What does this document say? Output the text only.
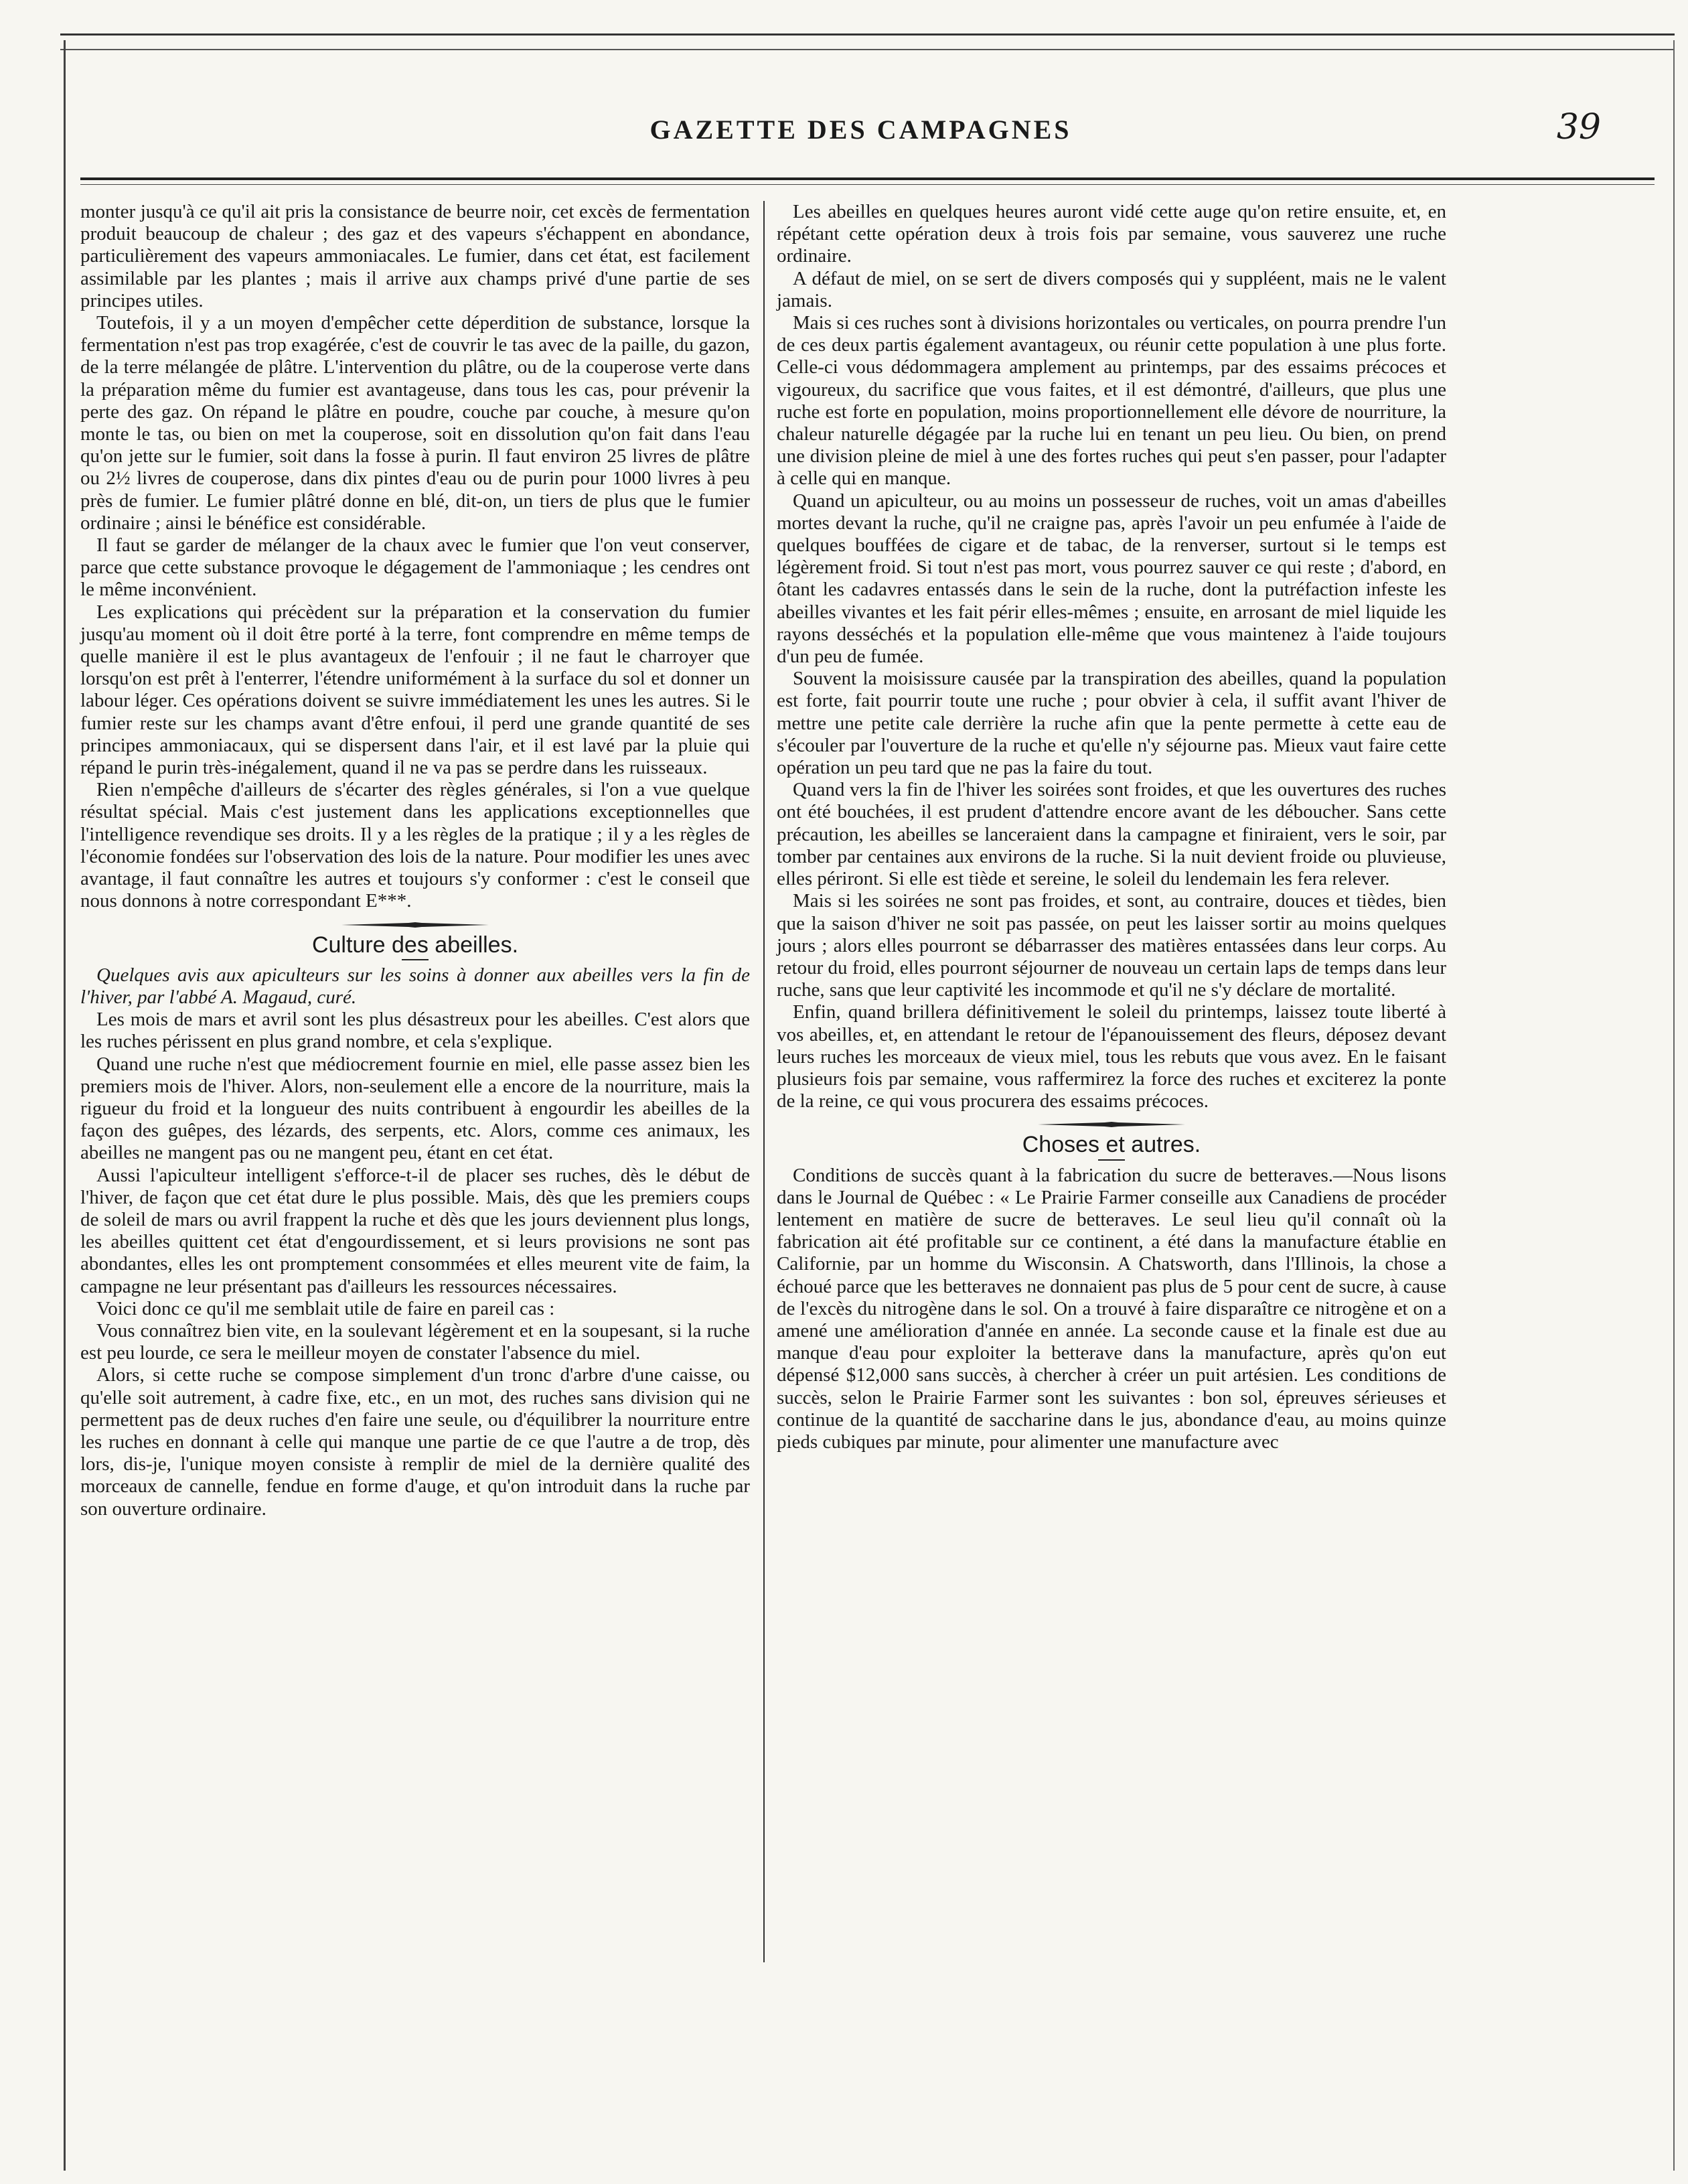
GAZETTE DES CAMPAGNES	39

monter jusqu'à ce qu'il ait pris la consistance de beurre noir, cet excès de fermentation produit beaucoup de chaleur ; des gaz et des vapeurs s'échappent en abondance, particulièrement des vapeurs ammoniacales. Le fumier, dans cet état, est facilement assimilable par les plantes ; mais il arrive aux champs privé d'une partie de ses principes utiles.

Toutefois, il y a un moyen d'empêcher cette déperdition de substance, lorsque la fermentation n'est pas trop exagérée, c'est de couvrir le tas avec de la paille, du gazon, de la terre mélangée de plâtre. L'intervention du plâtre, ou de la couperose verte dans la préparation même du fumier est avantageuse, dans tous les cas, pour prévenir la perte des gaz. On répand le plâtre en poudre, couche par couche, à mesure qu'on monte le tas, ou bien on met la couperose, soit en dissolution qu'on fait dans l'eau qu'on jette sur le fumier, soit dans la fosse à purin. Il faut environ 25 livres de plâtre ou 2½ livres de couperose, dans dix pintes d'eau ou de purin pour 1000 livres à peu près de fumier. Le fumier plâtré donne en blé, dit-on, un tiers de plus que le fumier ordinaire ; ainsi le bénéfice est considérable.

Il faut se garder de mélanger de la chaux avec le fumier que l'on veut conserver, parce que cette substance provoque le dégagement de l'ammoniaque ; les cendres ont le même inconvénient.

Les explications qui précèdent sur la préparation et la conservation du fumier jusqu'au moment où il doit être porté à la terre, font comprendre en même temps de quelle manière il est le plus avantageux de l'enfouir ; il ne faut le charroyer que lorsqu'on est prêt à l'enterrer, l'étendre uniformément à la surface du sol et donner un labour léger. Ces opérations doivent se suivre immédiatement les unes les autres. Si le fumier reste sur les champs avant d'être enfoui, il perd une grande quantité de ses principes ammoniacaux, qui se dispersent dans l'air, et il est lavé par la pluie qui répand le purin très-inégalement, quand il ne va pas se perdre dans les ruisseaux.

Rien n'empêche d'ailleurs de s'écarter des règles générales, si l'on a vue quelque résultat spécial. Mais c'est justement dans les applications exceptionnelles que l'intelligence revendique ses droits. Il y a les règles de la pratique ; il y a les règles de l'économie fondées sur l'observation des lois de la nature. Pour modifier les unes avec avantage, il faut connaître les autres et toujours s'y conformer : c'est le conseil que nous donnons à notre correspondant E***.

Culture des abeilles.

Quelques avis aux apiculteurs sur les soins à donner aux abeilles vers la fin de l'hiver, par l'abbé A. Magaud, curé.

Les mois de mars et avril sont les plus désastreux pour les abeilles. C'est alors que les ruches périssent en plus grand nombre, et cela s'explique.

Quand une ruche n'est que médiocrement fournie en miel, elle passe assez bien les premiers mois de l'hiver. Alors, non-seulement elle a encore de la nourriture, mais la rigueur du froid et la longueur des nuits contribuent à engourdir les abeilles de la façon des guêpes, des lézards, des serpents, etc. Alors, comme ces animaux, les abeilles ne mangent pas ou ne mangent peu, étant en cet état.

Aussi l'apiculteur intelligent s'efforce-t-il de placer ses ruches, dès le début de l'hiver, de façon que cet état dure le plus possible. Mais, dès que les premiers coups de soleil de mars ou avril frappent la ruche et dès que les jours deviennent plus longs, les abeilles quittent cet état d'engourdissement, et si leurs provisions ne sont pas abondantes, elles les ont promptement consommées et elles meurent vite de faim, la campagne ne leur présentant pas d'ailleurs les ressources nécessaires.

Voici donc ce qu'il me semblait utile de faire en pareil cas :

Vous connaîtrez bien vite, en la soulevant légèrement et en la soupesant, si la ruche est peu lourde, ce sera le meilleur moyen de constater l'absence du miel.

Alors, si cette ruche se compose simplement d'un tronc d'arbre d'une caisse, ou qu'elle soit autrement, à cadre fixe, etc., en un mot, des ruches sans division qui ne permettent pas de deux ruches d'en faire une seule, ou d'équilibrer la nourriture entre les ruches en donnant à celle qui manque une partie de ce que l'autre a de trop, dès lors, dis-je, l'unique moyen consiste à remplir de miel de la dernière qualité des morceaux de cannelle, fendue en forme d'auge, et qu'on introduit dans la ruche par son ouverture ordinaire.

Les abeilles en quelques heures auront vidé cette auge qu'on retire ensuite, et, en répétant cette opération deux à trois fois par semaine, vous sauverez une ruche ordinaire.

A défaut de miel, on se sert de divers composés qui y suppléent, mais ne le valent jamais.

Mais si ces ruches sont à divisions horizontales ou verticales, on pourra prendre l'un de ces deux partis également avantageux, ou réunir cette population à une plus forte. Celle-ci vous dédommagera amplement au printemps, par des essaims précoces et vigoureux, du sacrifice que vous faites, et il est démontré, d'ailleurs, que plus une ruche est forte en population, moins proportionnellement elle dévore de nourriture, la chaleur naturelle dégagée par la ruche lui en tenant un peu lieu. Ou bien, on prend une division pleine de miel à une des fortes ruches qui peut s'en passer, pour l'adapter à celle qui en manque.

Quand un apiculteur, ou au moins un possesseur de ruches, voit un amas d'abeilles mortes devant la ruche, qu'il ne craigne pas, après l'avoir un peu enfumée à l'aide de quelques bouffées de cigare et de tabac, de la renverser, surtout si le temps est légèrement froid. Si tout n'est pas mort, vous pourrez sauver ce qui reste ; d'abord, en ôtant les cadavres entassés dans le sein de la ruche, dont la putréfaction infeste les abeilles vivantes et les fait périr elles-mêmes ; ensuite, en arrosant de miel liquide les rayons desséchés et la population elle-même que vous maintenez à l'aide toujours d'un peu de fumée.

Souvent la moisissure causée par la transpiration des abeilles, quand la population est forte, fait pourrir toute une ruche ; pour obvier à cela, il suffit avant l'hiver de mettre une petite cale derrière la ruche afin que la pente permette à cette eau de s'écouler par l'ouverture de la ruche et qu'elle n'y séjourne pas. Mieux vaut faire cette opération un peu tard que ne pas la faire du tout.

Quand vers la fin de l'hiver les soirées sont froides, et que les ouvertures des ruches ont été bouchées, il est prudent d'attendre encore avant de les déboucher. Sans cette précaution, les abeilles se lanceraient dans la campagne et finiraient, vers le soir, par tomber par centaines aux environs de la ruche. Si la nuit devient froide ou pluvieuse, elles périront. Si elle est tiède et sereine, le soleil du lendemain les fera relever.

Mais si les soirées ne sont pas froides, et sont, au contraire, douces et tièdes, bien que la saison d'hiver ne soit pas passée, on peut les laisser sortir au moins quelques jours ; alors elles pourront se débarrasser des matières entassées dans leur corps. Au retour du froid, elles pourront séjourner de nouveau un certain laps de temps dans leur ruche, sans que leur captivité les incommode et qu'il ne s'y déclare de mortalité.

Enfin, quand brillera définitivement le soleil du printemps, laissez toute liberté à vos abeilles, et, en attendant le retour de l'épanouissement des fleurs, déposez devant leurs ruches les morceaux de vieux miel, tous les rebuts que vous avez. En le faisant plusieurs fois par semaine, vous raffermirez la force des ruches et exciterez la ponte de la reine, ce qui vous procurera des essaims précoces.

Choses et autres.

Conditions de succès quant à la fabrication du sucre de betteraves.—Nous lisons dans le Journal de Québec : « Le Prairie Farmer conseille aux Canadiens de procéder lentement en matière de sucre de betteraves. Le seul lieu qu'il connaît où la fabrication ait été profitable sur ce continent, a été dans la manufacture établie en Californie, par un homme du Wisconsin. A Chatsworth, dans l'Illinois, la chose a échoué parce que les betteraves ne donnaient pas plus de 5 pour cent de sucre, à cause de l'excès du nitrogène dans le sol. On a trouvé à faire disparaître ce nitrogène et on a amené une amélioration d'année en année. La seconde cause et la finale est due au manque d'eau pour exploiter la betterave dans la manufacture, après qu'on eut dépensé $12,000 sans succès, à chercher à créer un puit artésien. Les conditions de succès, selon le Prairie Farmer sont les suivantes : bon sol, épreuves sérieuses et continue de la quantité de saccharine dans le jus, abondance d'eau, au moins quinze pieds cubiques par minute, pour alimenter une manufacture avec
